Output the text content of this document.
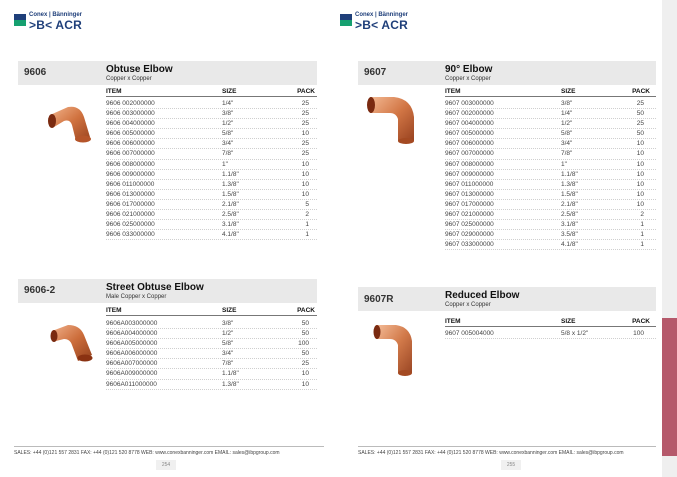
Conex | Bänninger
>B< ACR
9606	Obtuse Elbow
Copper x Copper
ITEM	SIZE	PACK
9606 002000000	1/4"	25
9606 003000000	3/8"	25
9606 004000000	1/2"	25
9606 005000000	5/8"	10
9606 006000000	3/4"	25
9606 007000000	7/8"	25
9606 008000000	1"	10
9606 009000000	1.1/8"	10
9606 011000000	1.3/8"	10
9606 013000000	1.5/8"	10
9606 017000000	2.1/8"	5
9606 021000000	2.5/8"	2
9606 025000000	3.1/8"	1
9606 033000000	4.1/8"	1
9606-2	Street Obtuse Elbow
Male Copper x Copper
ITEM	SIZE	PACK
9606A003000000	3/8"	50
9606A004000000	1/2"	50
9606A005000000	5/8"	100
9606A006000000	3/4"	50
9606A007000000	7/8"	25
9606A009000000	1.1/8"	10
9606A011000000	1.3/8"	10
SALES: +44 (0)121 557 2831 FAX: +44 (0)121 520 8778 WEB: www.conexbanninger.com EMAIL: sales@ibpgroup.com
254
Conex | Bänninger
>B< ACR
9607	90° Elbow
Copper x Copper
ITEM	SIZE	PACK
9607 003000000	3/8"	25
9607 002000000	1/4"	50
9607 004000000	1/2"	25
9607 005000000	5/8"	50
9607 006000000	3/4"	10
9607 007000000	7/8"	10
9607 008000000	1"	10
9607 009000000	1.1/8"	10
9607 011000000	1.3/8"	10
9607 013000000	1.5/8"	10
9607 017000000	2.1/8"	10
9607 021000000	2.5/8"	2
9607 025000000	3.1/8"	1
9607 029000000	3.5/8"	1
9607 033000000	4.1/8"	1
9607R	Reduced Elbow
Copper x Copper
ITEM	SIZE	PACK
9607 005004000	5/8 x 1/2"	100
SALES: +44 (0)121 557 2831 FAX: +44 (0)121 520 8778 WEB: www.conexbanninger.com EMAIL: sales@ibpgroup.com
255
